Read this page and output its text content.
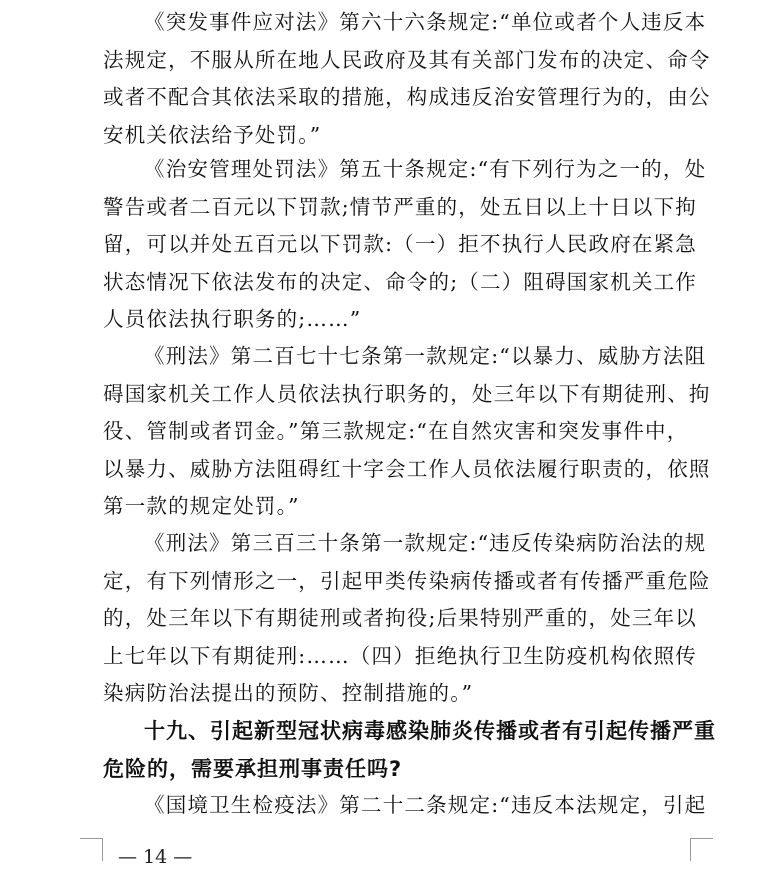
《突发事件应对法》第六十六条规定:“单位或者个人违反本
法规定，不服从所在地人民政府及其有关部门发布的决定、命令
或者不配合其依法采取的措施，构成违反治安管理行为的，由公
安机关依法给予处罚。”
《治安管理处罚法》第五十条规定:“有下列行为之一的，处
警告或者二百元以下罚款;情节严重的，处五日以上十日以下拘
留，可以并处五百元以下罚款:（一）拒不执行人民政府在紧急
状态情况下依法发布的决定、命令的;（二）阻碍国家机关工作
人员依法执行职务的;……”
《刑法》第二百七十七条第一款规定:“以暴力、威胁方法阻
碍国家机关工作人员依法执行职务的，处三年以下有期徒刑、拘
役、管制或者罚金。”第三款规定:“在自然灾害和突发事件中，
以暴力、威胁方法阻碍红十字会工作人员依法履行职责的，依照
第一款的规定处罚。”
《刑法》第三百三十条第一款规定:“违反传染病防治法的规
定，有下列情形之一，引起甲类传染病传播或者有传播严重危险
的，处三年以下有期徒刑或者拘役;后果特别严重的，处三年以
上七年以下有期徒刑:……（四）拒绝执行卫生防疫机构依照传
染病防治法提出的预防、控制措施的。”
十九、引起新型冠状病毒感染肺炎传播或者有引起传播严重
危险的，需要承担刑事责任吗?
《国境卫生检疫法》第二十二条规定:“违反本法规定，引起
— 14 —
